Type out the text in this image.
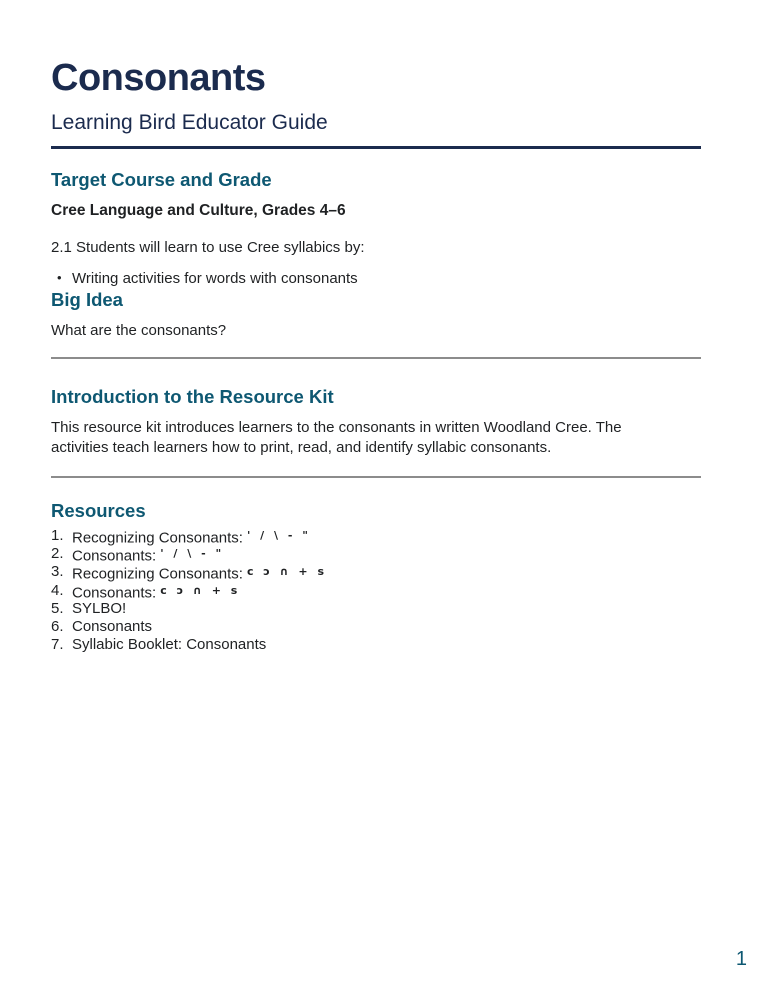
Consonants
Learning Bird Educator Guide
Target Course and Grade
Cree Language and Culture, Grades 4–6
2.1 Students will learn to use Cree syllabics by:
• Writing activities for words with consonants
Big Idea
What are the consonants?
Introduction to the Resource Kit
This resource kit introduces learners to the consonants in written Woodland Cree. The
activities teach learners how to print, read, and identify syllabic consonants.
Resources
1. Recognizing Consonants: ' / \ - "
2. Consonants: ' / \ - "
3. Recognizing Consonants: $^{c ɔ \cap + s}$
4. Consonants: $^{c ɔ \cap + s}$
5. SYLBO!
6. Consonants
7. Syllabic Booklet: Consonants
1
